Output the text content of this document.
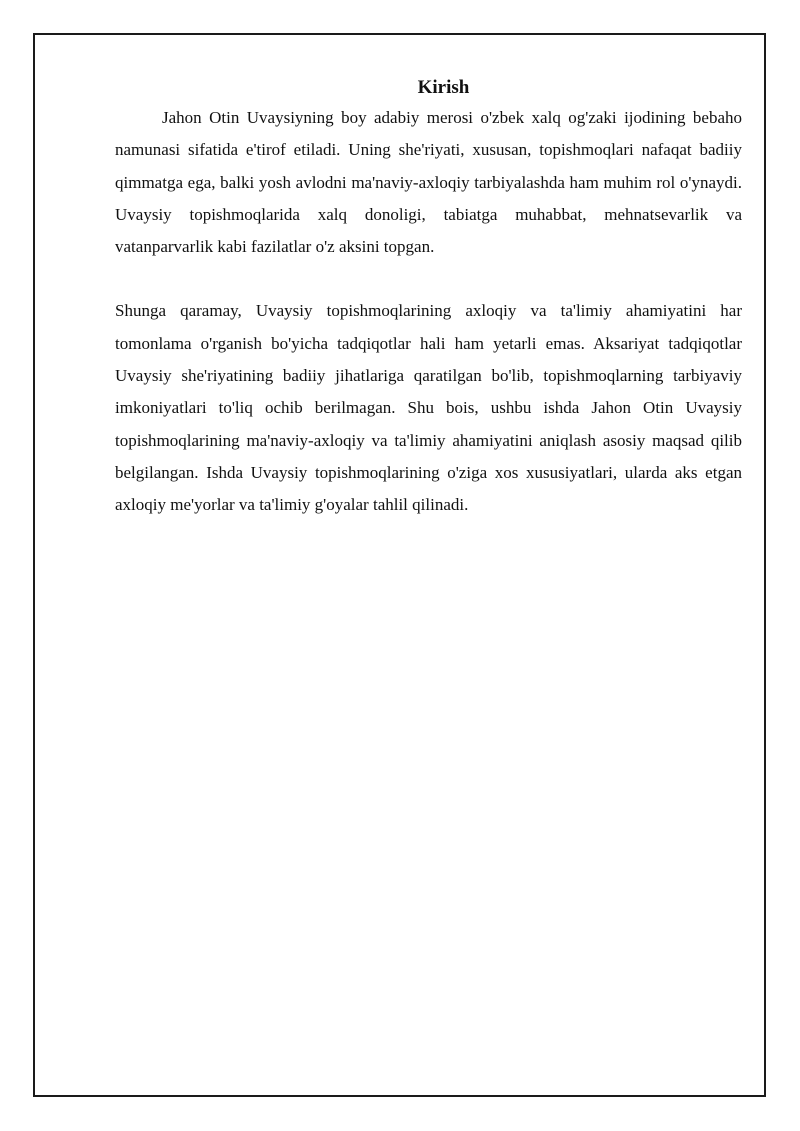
Kirish

Jahon Otin Uvaysiyning boy adabiy merosi o'zbek xalq og'zaki ijodining bebaho namunasi sifatida e'tirof etiladi. Uning she'riyati, xususan, topishmoqlari nafaqat badiiy qimmatga ega, balki yosh avlodni ma'naviy-axloqiy tarbiyalashda ham muhim rol o'ynaydi. Uvaysiy topishmoqlarida xalq donoligi, tabiatga muhabbat, mehnatsevarlik va vatanparvarlik kabi fazilatlar o'z aksini topgan.

Shunga qaramay, Uvaysiy topishmoqlarining axloqiy va ta'limiy ahamiyatini har tomonlama o'rganish bo'yicha tadqiqotlar hali ham yetarli emas. Aksariyat tadqiqotlar Uvaysiy she'riyatining badiiy jihatlariga qaratilgan bo'lib, topishmoqlarning tarbiyaviy imkoniyatlari to'liq ochib berilmagan. Shu bois, ushbu ishda Jahon Otin Uvaysiy topishmoqlarining ma'naviy-axloqiy va ta'limiy ahamiyatini aniqlash asosiy maqsad qilib belgilangan. Ishda Uvaysiy topishmoqlarining o'ziga xos xususiyatlari, ularda aks etgan axloqiy me'yorlar va ta'limiy g'oyalar tahlil qilinadi.
